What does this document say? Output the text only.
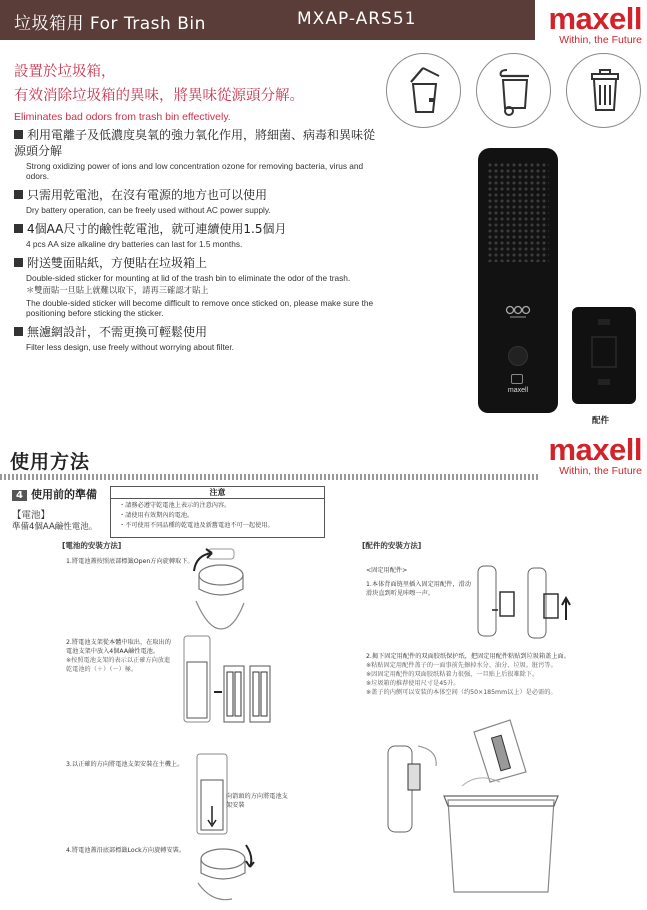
垃圾箱用 For Trash Bin	MXAP-ARS51	maxell
Within, the Future
設置於垃圾箱，
有效消除垃圾箱的異味，將異味從源頭分解。
Eliminates bad odors from trash bin effectively.
利用電離子及低濃度臭氧的強力氧化作用，將細菌、病毒和異味從源頭分解
Strong oxidizing power of ions and low concentration ozone for removing bacteria, virus and odors.
只需用乾電池，在沒有電源的地方也可以使用
Dry battery operation, can be freely used without AC power supply.
4個AA尺寸的鹼性乾電池，就可連續使用1.5個月
4 pcs AA size alkaline dry batteries can last for 1.5 months.
附送雙面貼紙，方便貼在垃圾箱上
Double-sided sticker for mounting at lid of the trash bin to eliminate the odor of the trash.
＊雙面貼一旦貼上就難以取下，請再三確認才貼上
The double-sided sticker will become difficult to remove once sticked on, please make sure the positioning before sticking the sticker.
無濾網設計，不需更換可輕鬆使用
Filter less design, use freely without worrying about filter.
maxell
配件
使用方法	maxell
Within, the Future
4 使用前的準備
【電池】
準備4個AA鹼性電池。
注意
・請務必遵守乾電池上表示的注意內容。
・請使用有效期內的電池。
・不可使用不同品種的乾電池及新舊電池不可一起使用。
[電池的安裝方法]
1.將電池蓋按照底部標籤Open方向旋轉取下。
2.將電池支架從本體中取出，在取出的電池支架中放入4個AA鹼性電池。
※按照電池支架的表示以正確方向放進乾電池的（＋）（－）極。
3.以正確的方向將電池支架安裝在主機上。
向箭頭的方向將電池支架安裝
4.將電池蓋沿底部標籤Lock方向旋轉安裝。
[配件的安裝方法]
<固定用配件>
1.本体背面链里插入固定用配件，滑动滑块直到听见咔嚓一声。
2.揭下固定用配件的双面胶纸保护纸，把固定用配件粘贴到垃圾箱盖上面。
※粘贴固定用配件盖子的一面事前先擦掉水分、油分、垃圾。脏污等。
※因固定用配件的双面胶纸粘着力很强，一旦贴上后很难除下。
※垃圾箱的推荐使用尺寸是45升。
※盖子的内侧可以安装的本体空间（约50×185mm以上）是必需的。
